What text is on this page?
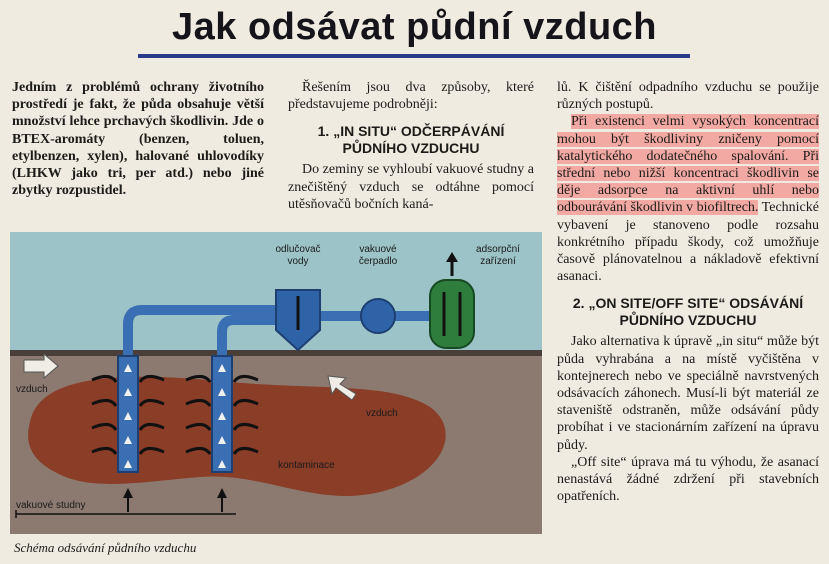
Jak odsávat půdní vzduch

Jedním z problémů ochrany životního prostředí je fakt, že půda obsahuje větší množství lehce prchavých škodlivin. Jde o BTEX-aromáty (benzen, toluen, etylbenzen, xylen), halované uhlovodíky (LHKW jako tri, per atd.) nebo jiné zbytky rozpustidel.

Řešením jsou dva způsoby, které představujeme podrobněji:

1. „IN SITU“ ODČERPÁVÁNÍ PŮDNÍHO VZDUCHU

Do zeminy se vyhloubí vakuové studny a znečištěný vzduch se odtáhne pomocí utěsňovačů bočních kaná-

lů. K čištění odpadního vzduchu se použije různých postupů.

Při existenci velmi vysokých koncentrací mohou být škodliviny zničeny pomocí katalytického dodatečného spalování. Při střední nebo nižší koncentraci škodlivin se děje adsorpce na aktivní uhlí nebo odbourávání škodlivin v biofiltrech. Technické vybavení je stanoveno podle rozsahu konkrétního případu škody, což umožňuje časově plánovatelnou a nákladově efektivní asanaci.

2. „ON SITE/OFF SITE“ ODSÁVÁNÍ PŮDNÍHO VZDUCHU

Jako alternativa k úpravě „in situ“ může být půda vyhrabána a na místě vyčištěna v kontejnerech nebo ve speciálně navrstvených odsávacích záhonech. Musí-li být materiál ze staveniště odstraněn, může odsávání půdy probíhat i ve stacionárním zařízení na úpravu půdy.

„Off site“ úprava má tu výhodu, že asanací nenastává žádné zdržení při stavebních opatřeních.

odlučovač vody
vakuové čerpadlo
adsorpční zařízení
vzduch
vzduch
kontaminace
vakuové studny
Schéma odsávání půdního vzduchu
